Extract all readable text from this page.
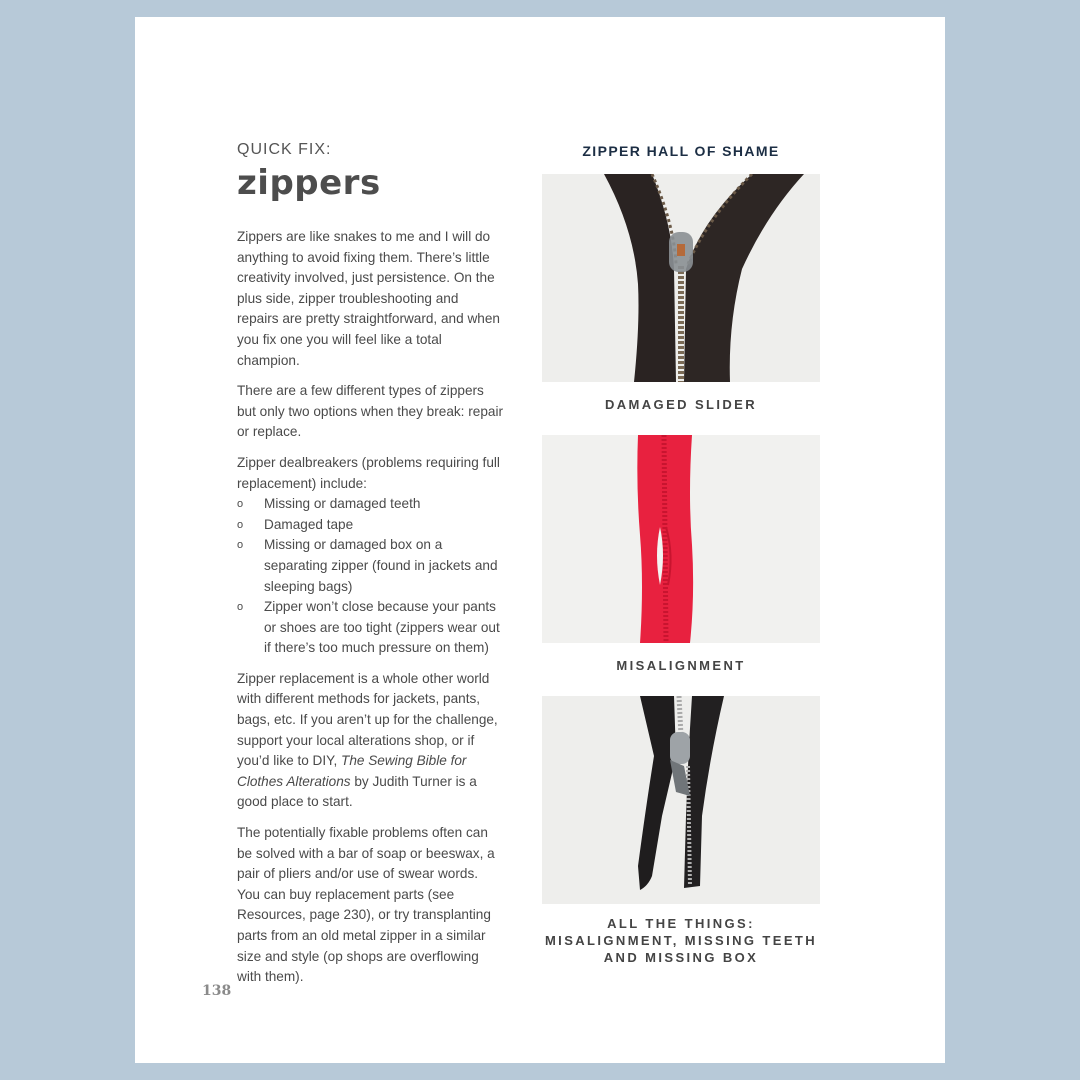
QUICK FIX:
zippers

Zippers are like snakes to me and I will do anything to avoid fixing them. There’s little creativity involved, just persistence. On the plus side, zipper troubleshooting and repairs are pretty straightforward, and when you fix one you will feel like a total champion.

There are a few different types of zippers but only two options when they break: repair or replace.

Zipper dealbreakers (problems requiring full replacement) include:

o Missing or damaged teeth
o Damaged tape
o Missing or damaged box on a separating zipper (found in jackets and sleeping bags)
o Zipper won’t close because your pants or shoes are too tight (zippers wear out if there’s too much pressure on them)

Zipper replacement is a whole other world with different methods for jackets, pants, bags, etc. If you aren’t up for the challenge, support your local alterations shop, or if you’d like to DIY, The Sewing Bible for Clothes Alterations by Judith Turner is a good place to start.

The potentially fixable problems often can be solved with a bar of soap or beeswax, a pair of pliers and/or use of swear words. You can buy replacement parts (see Resources, page 230), or try transplanting parts from an old metal zipper in a similar size and style (op shops are overflowing with them).

138
ZIPPER HALL OF SHAME
DAMAGED SLIDER
MISALIGNMENT
ALL THE THINGS: MISALIGNMENT, MISSING TEETH AND MISSING BOX
